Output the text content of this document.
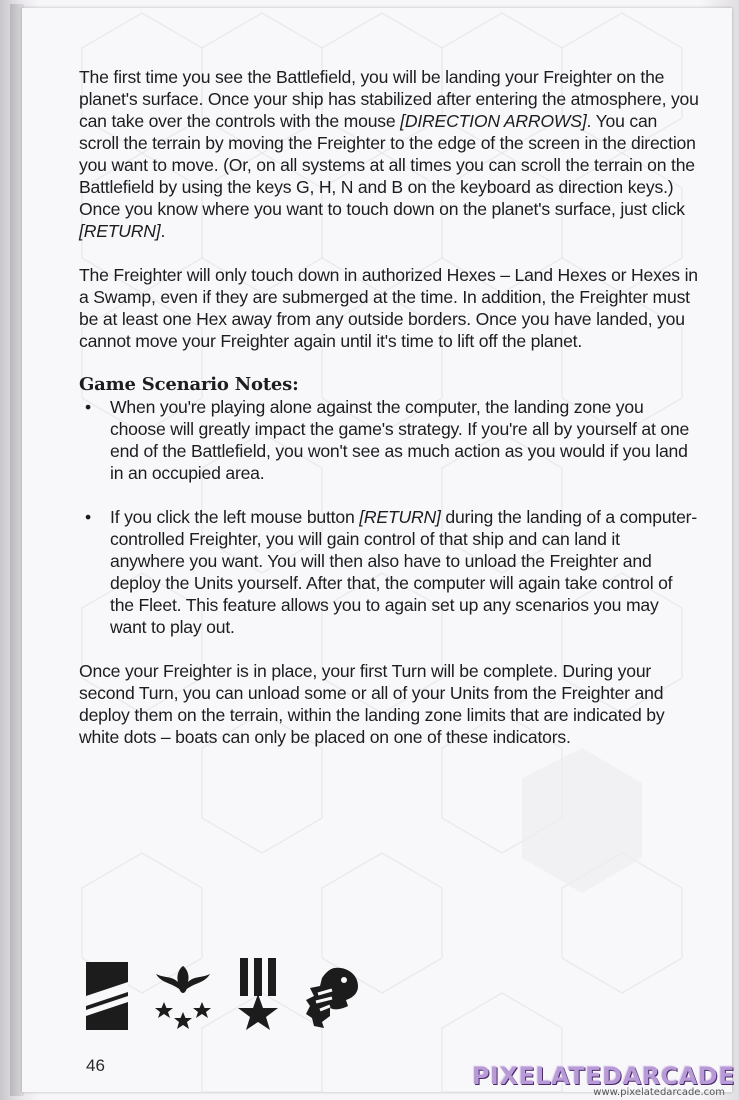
The first time you see the Battlefield, you will be landing your Freighter on the planet's surface. Once your ship has stabilized after entering the atmosphere, you can take over the controls with the mouse [DIRECTION ARROWS]. You can scroll the terrain by moving the Freighter to the edge of the screen in the direction you want to move. (Or, on all systems at all times you can scroll the terrain on the Battlefield by using the keys G, H, N and B on the keyboard as direction keys.) Once you know where you want to touch down on the planet's surface, just click [RETURN].

The Freighter will only touch down in authorized Hexes – Land Hexes or Hexes in a Swamp, even if they are submerged at the time. In addition, the Freighter must be at least one Hex away from any outside borders. Once you have landed, you cannot move your Freighter again until it's time to lift off the planet.

Game Scenario Notes:
• When you're playing alone against the computer, the landing zone you choose will greatly impact the game's strategy. If you're all by yourself at one end of the Battlefield, you won't see as much action as you would if you land in an occupied area.
• If you click the left mouse button [RETURN] during the landing of a computer- controlled Freighter, you will gain control of that ship and can land it anywhere you want. You will then also have to unload the Freighter and deploy the Units yourself. After that, the computer will again take control of the Fleet. This feature allows you to again set up any scenarios you may want to play out.

Once your Freighter is in place, your first Turn will be complete. During your second Turn, you can unload some or all of your Units from the Freighter and deploy them on the terrain, within the landing zone limits that are indicated by white dots – boats can only be placed on one of these indicators.

46	PIXELATEDARCADE
www.pixelatedarcade.com
